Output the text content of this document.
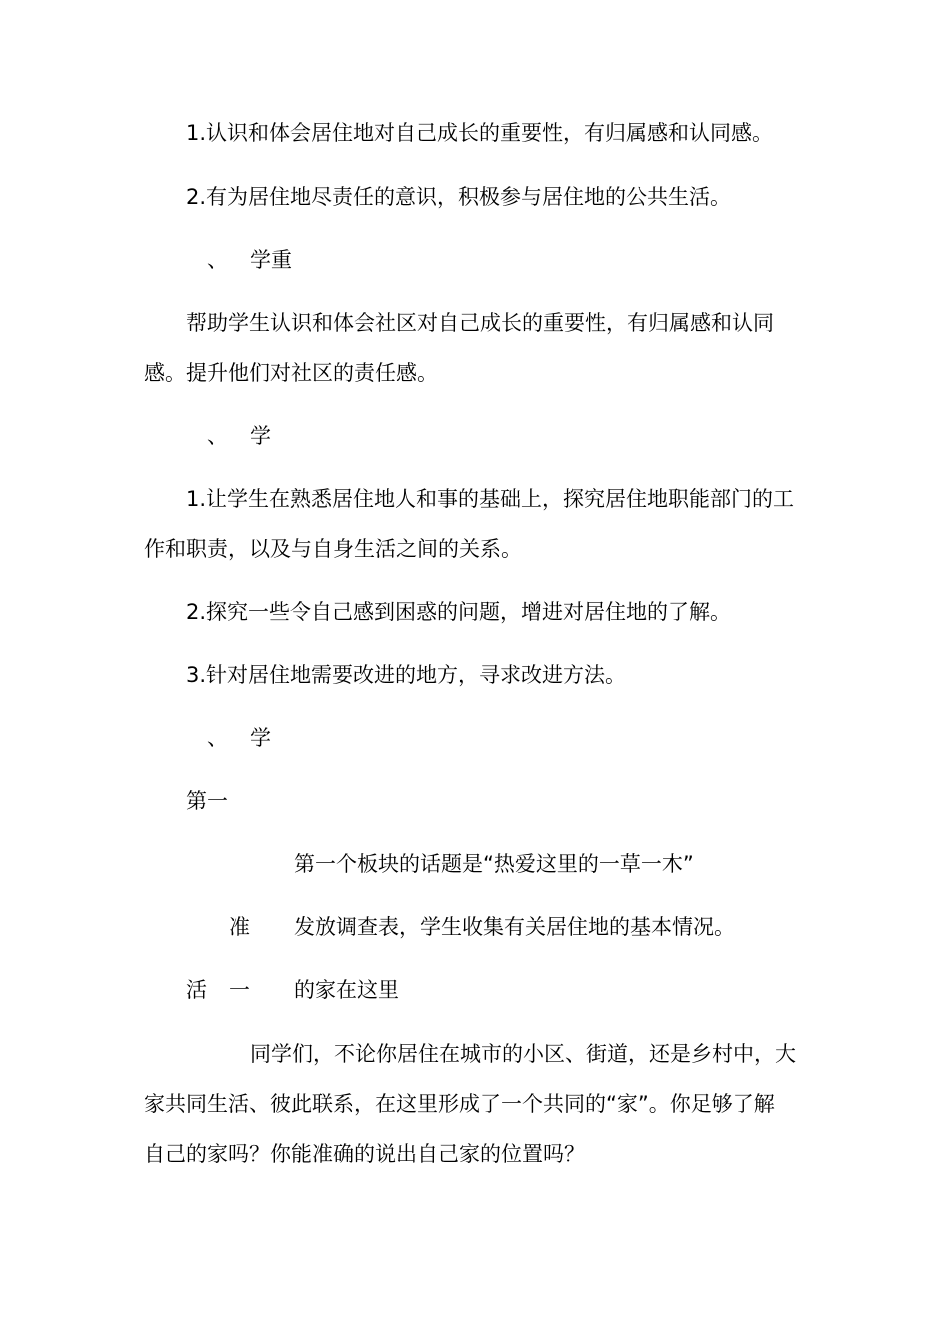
1.认识和体会居住地对自己成长的重要性，有归属感和认同感。
2.有为居住地尽责任的意识，积极参与居住地的公共生活。
、 学重
帮助学生认识和体会社区对自己成长的重要性，有归属感和认同
感。提升他们对社区的责任感。
、 学
1.让学生在熟悉居住地人和事的基础上，探究居住地职能部门的工
作和职责，以及与自身生活之间的关系。
2.探究一些令自己感到困惑的问题，增进对居住地的了解。
3.针对居住地需要改进的地方，寻求改进方法。
、 学
第一
第一个板块的话题是“热爱这里的一草一木”
准 发放调查表，学生收集有关居住地的基本情况。
活 一 的家在这里
同学们，不论你居住在城市的小区、街道，还是乡村中，大
家共同生活、彼此联系，在这里形成了一个共同的“家”。你足够了解
自己的家吗？你能准确的说出自己家的位置吗？
